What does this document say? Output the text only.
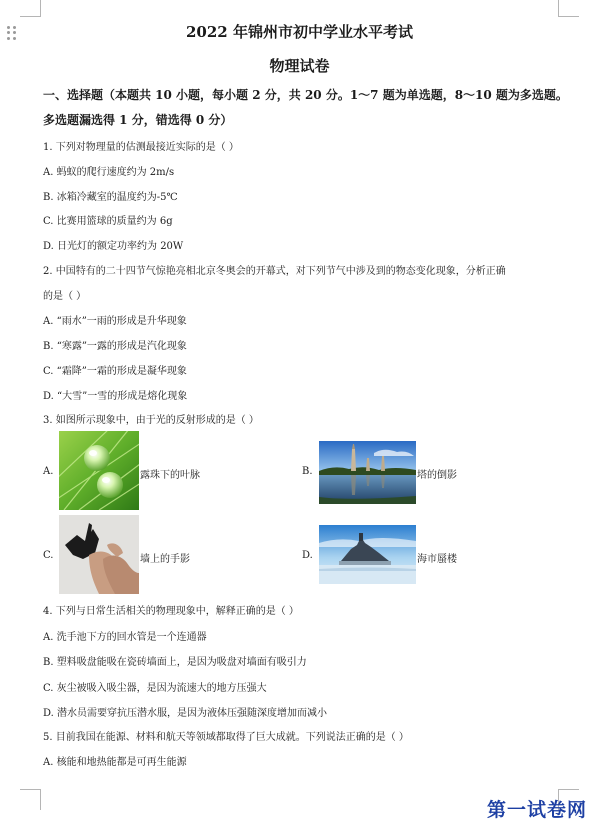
2022 年锦州市初中学业水平考试
物理试卷
一、选择题（本题共 10 小题，每小题 2 分，共 20 分。1～7 题为单选题，8～10 题为多选题。
多选题漏选得 1 分，错选得 0 分）
1. 下列对物理量的估测最接近实际的是（ ）
A. 蚂蚁的爬行速度约为 2m/s
B. 冰箱冷藏室的温度约为-5℃
C. 比赛用篮球的质量约为 6g
D. 日光灯的额定功率约为 20W
2. 中国特有的二十四节气惊艳亮相北京冬奥会的开幕式，对下列节气中涉及到的物态变化现象，分析正确
的是（ ）
A. “雨水”一雨的形成是升华现象
B. “寒露”一露的形成是汽化现象
C. “霜降”一霜的形成是凝华现象
D. “大雪”一雪的形成是熔化现象
3. 如图所示现象中，由于光的反射形成的是（ ）
A.	露珠下的叶脉	B.	塔的倒影
C.	墙上的手影	D.	海市蜃楼
4. 下列与日常生活相关的物理现象中，解释正确的是（ ）
A. 洗手池下方的回水管是一个连通器
B. 塑料吸盘能吸在瓷砖墙面上，是因为吸盘对墙面有吸引力
C. 灰尘被吸入吸尘器，是因为流速大的地方压强大
D. 潜水员需要穿抗压潜水服，是因为液体压强随深度增加而减小
5. 目前我国在能源、材料和航天等领域都取得了巨大成就。下列说法正确的是（ ）
A. 核能和地热能都是可再生能源
第一试卷网
